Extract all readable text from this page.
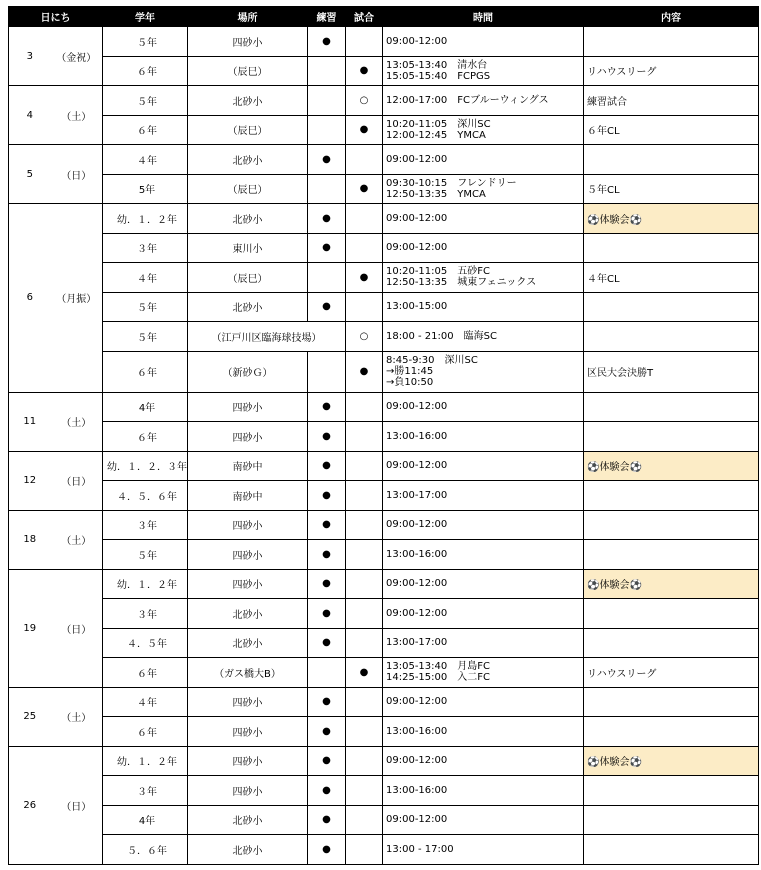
日にち		学年	場所	練習	試合	時間	内容
3	（金祝）	５年	四砂小	●		09:00-12:00	

		６年	（辰巳）		●	13:05-13:40　清水台
15:05-15:40　FCPGS	リハウスリーグ
4	（土）	５年	北砂小		○	12:00-17:00　FCブルーウィングス	練習試合
		６年	（辰巳）		●	10:20-11:05　深川SC
12:00-12:45　YMCA	６年CL
5	（日）	４年	北砂小	●		09:00-12:00	

		5年	（辰巳）		●	09:30-10:15　フレンドリー
12:50-13:35　YMCA	５年CL
6	（月振）	幼．１．２年	北砂小	●		09:00-12:00	⚽体験会⚽
		３年	東川小	●		09:00-12:00	

		４年	（辰巳）		●	10:20-11:05　五砂FC
12:50-13:35　城東フェニックス	４年CL
		５年	北砂小	●		13:00-15:00	

		５年	（江戸川区臨海球技場）		○	18:00 - 21:00　臨海SC	

		６年	（新砂Ｇ）		●	8:45-9:30　深川SC
→勝11:45
→負10:50	区民大会決勝T
11	（土）	4年	四砂小	●		09:00-12:00	

		６年	四砂小	●		13:00-16:00	

12	（日）	幼．１．２．３年	南砂中	●		09:00-12:00	⚽体験会⚽
		４．５．６年	南砂中	●		13:00-17:00	

18	（土）	３年	四砂小	●		09:00-12:00	

		５年	四砂小	●		13:00-16:00	

19	（日）	幼．１．２年	四砂小	●		09:00-12:00	⚽体験会⚽
		３年	北砂小	●		09:00-12:00	

		４．５年	北砂小	●		13:00-17:00	

		６年	（ガス橋大B）		●	13:05-13:40　月島FC
14:25-15:00　入二FC	リハウスリーグ
25	（土）	４年	四砂小	●		09:00-12:00	

		６年	四砂小	●		13:00-16:00	

26	（日）	幼．１．２年	四砂小	●		09:00-12:00	⚽体験会⚽
		３年	四砂小	●		13:00-16:00	

		4年	北砂小	●		09:00-12:00	

		５．６年	北砂小	●		13:00 - 17:00	
